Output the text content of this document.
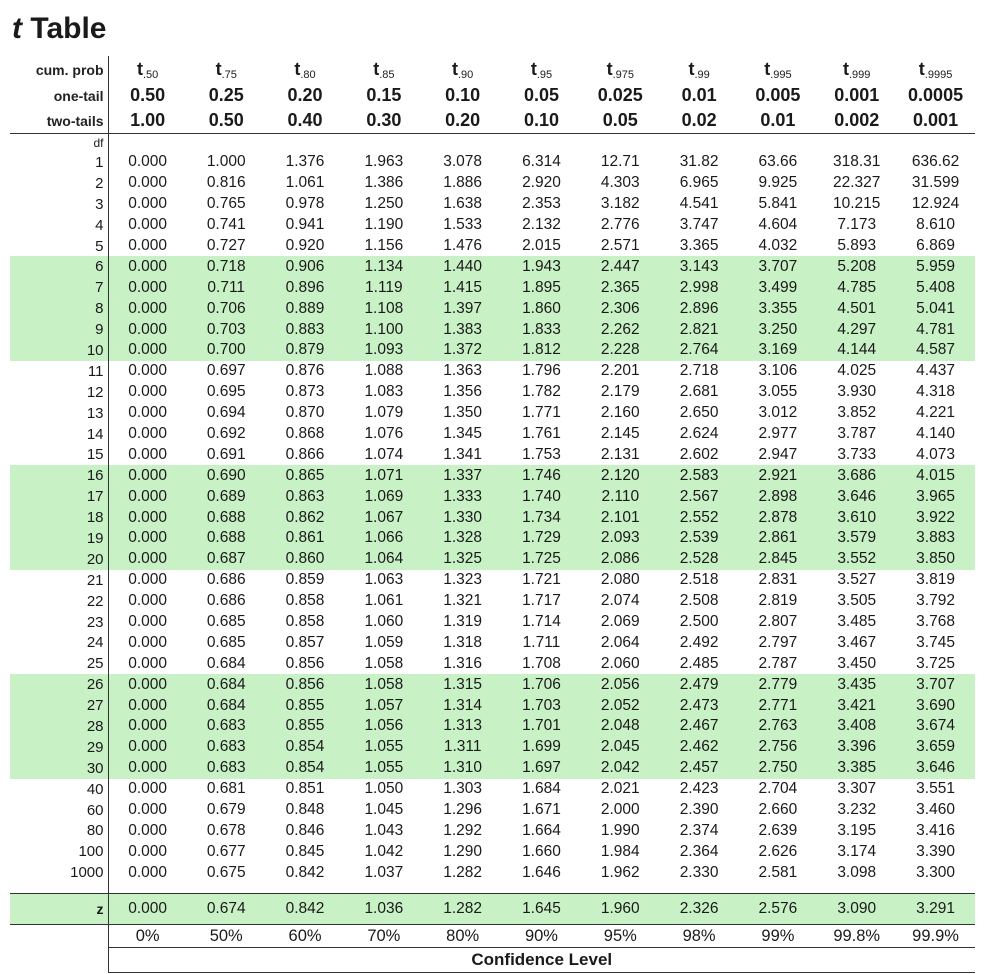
t Table
cum. prob	$t_{.50}$	$t_{.75}$	$t_{.80}$	$t_{.85}$	$t_{.90}$	$t_{.95}$	$t_{.975}$	$t_{.99}$	$t_{.995}$	$t_{.999}$	$t_{.9995}$
one-tail	0.50	0.25	0.20	0.15	0.10	0.05	0.025	0.01	0.005	0.001	0.0005
two-tails	1.00	0.50	0.40	0.30	0.20	0.10	0.05	0.02	0.01	0.002	0.001
df											
1	0.000	1.000	1.376	1.963	3.078	6.314	12.71	31.82	63.66	318.31	636.62
2	0.000	0.816	1.061	1.386	1.886	2.920	4.303	6.965	9.925	22.327	31.599
3	0.000	0.765	0.978	1.250	1.638	2.353	3.182	4.541	5.841	10.215	12.924
4	0.000	0.741	0.941	1.190	1.533	2.132	2.776	3.747	4.604	7.173	8.610
5	0.000	0.727	0.920	1.156	1.476	2.015	2.571	3.365	4.032	5.893	6.869
6	0.000	0.718	0.906	1.134	1.440	1.943	2.447	3.143	3.707	5.208	5.959
7	0.000	0.711	0.896	1.119	1.415	1.895	2.365	2.998	3.499	4.785	5.408
8	0.000	0.706	0.889	1.108	1.397	1.860	2.306	2.896	3.355	4.501	5.041
9	0.000	0.703	0.883	1.100	1.383	1.833	2.262	2.821	3.250	4.297	4.781
10	0.000	0.700	0.879	1.093	1.372	1.812	2.228	2.764	3.169	4.144	4.587
11	0.000	0.697	0.876	1.088	1.363	1.796	2.201	2.718	3.106	4.025	4.437
12	0.000	0.695	0.873	1.083	1.356	1.782	2.179	2.681	3.055	3.930	4.318
13	0.000	0.694	0.870	1.079	1.350	1.771	2.160	2.650	3.012	3.852	4.221
14	0.000	0.692	0.868	1.076	1.345	1.761	2.145	2.624	2.977	3.787	4.140
15	0.000	0.691	0.866	1.074	1.341	1.753	2.131	2.602	2.947	3.733	4.073
16	0.000	0.690	0.865	1.071	1.337	1.746	2.120	2.583	2.921	3.686	4.015
17	0.000	0.689	0.863	1.069	1.333	1.740	2.110	2.567	2.898	3.646	3.965
18	0.000	0.688	0.862	1.067	1.330	1.734	2.101	2.552	2.878	3.610	3.922
19	0.000	0.688	0.861	1.066	1.328	1.729	2.093	2.539	2.861	3.579	3.883
20	0.000	0.687	0.860	1.064	1.325	1.725	2.086	2.528	2.845	3.552	3.850
21	0.000	0.686	0.859	1.063	1.323	1.721	2.080	2.518	2.831	3.527	3.819
22	0.000	0.686	0.858	1.061	1.321	1.717	2.074	2.508	2.819	3.505	3.792
23	0.000	0.685	0.858	1.060	1.319	1.714	2.069	2.500	2.807	3.485	3.768
24	0.000	0.685	0.857	1.059	1.318	1.711	2.064	2.492	2.797	3.467	3.745
25	0.000	0.684	0.856	1.058	1.316	1.708	2.060	2.485	2.787	3.450	3.725
26	0.000	0.684	0.856	1.058	1.315	1.706	2.056	2.479	2.779	3.435	3.707
27	0.000	0.684	0.855	1.057	1.314	1.703	2.052	2.473	2.771	3.421	3.690
28	0.000	0.683	0.855	1.056	1.313	1.701	2.048	2.467	2.763	3.408	3.674
29	0.000	0.683	0.854	1.055	1.311	1.699	2.045	2.462	2.756	3.396	3.659
30	0.000	0.683	0.854	1.055	1.310	1.697	2.042	2.457	2.750	3.385	3.646
40	0.000	0.681	0.851	1.050	1.303	1.684	2.021	2.423	2.704	3.307	3.551
60	0.000	0.679	0.848	1.045	1.296	1.671	2.000	2.390	2.660	3.232	3.460
80	0.000	0.678	0.846	1.043	1.292	1.664	1.990	2.374	2.639	3.195	3.416
100	0.000	0.677	0.845	1.042	1.290	1.660	1.984	2.364	2.626	3.174	3.390
1000	0.000	0.675	0.842	1.037	1.282	1.646	1.962	2.330	2.581	3.098	3.300

z	0.000	0.674	0.842	1.036	1.282	1.645	1.960	2.326	2.576	3.090	3.291
	0%	50%	60%	70%	80%	90%	95%	98%	99%	99.8%	99.9%
	Confidence Level										
